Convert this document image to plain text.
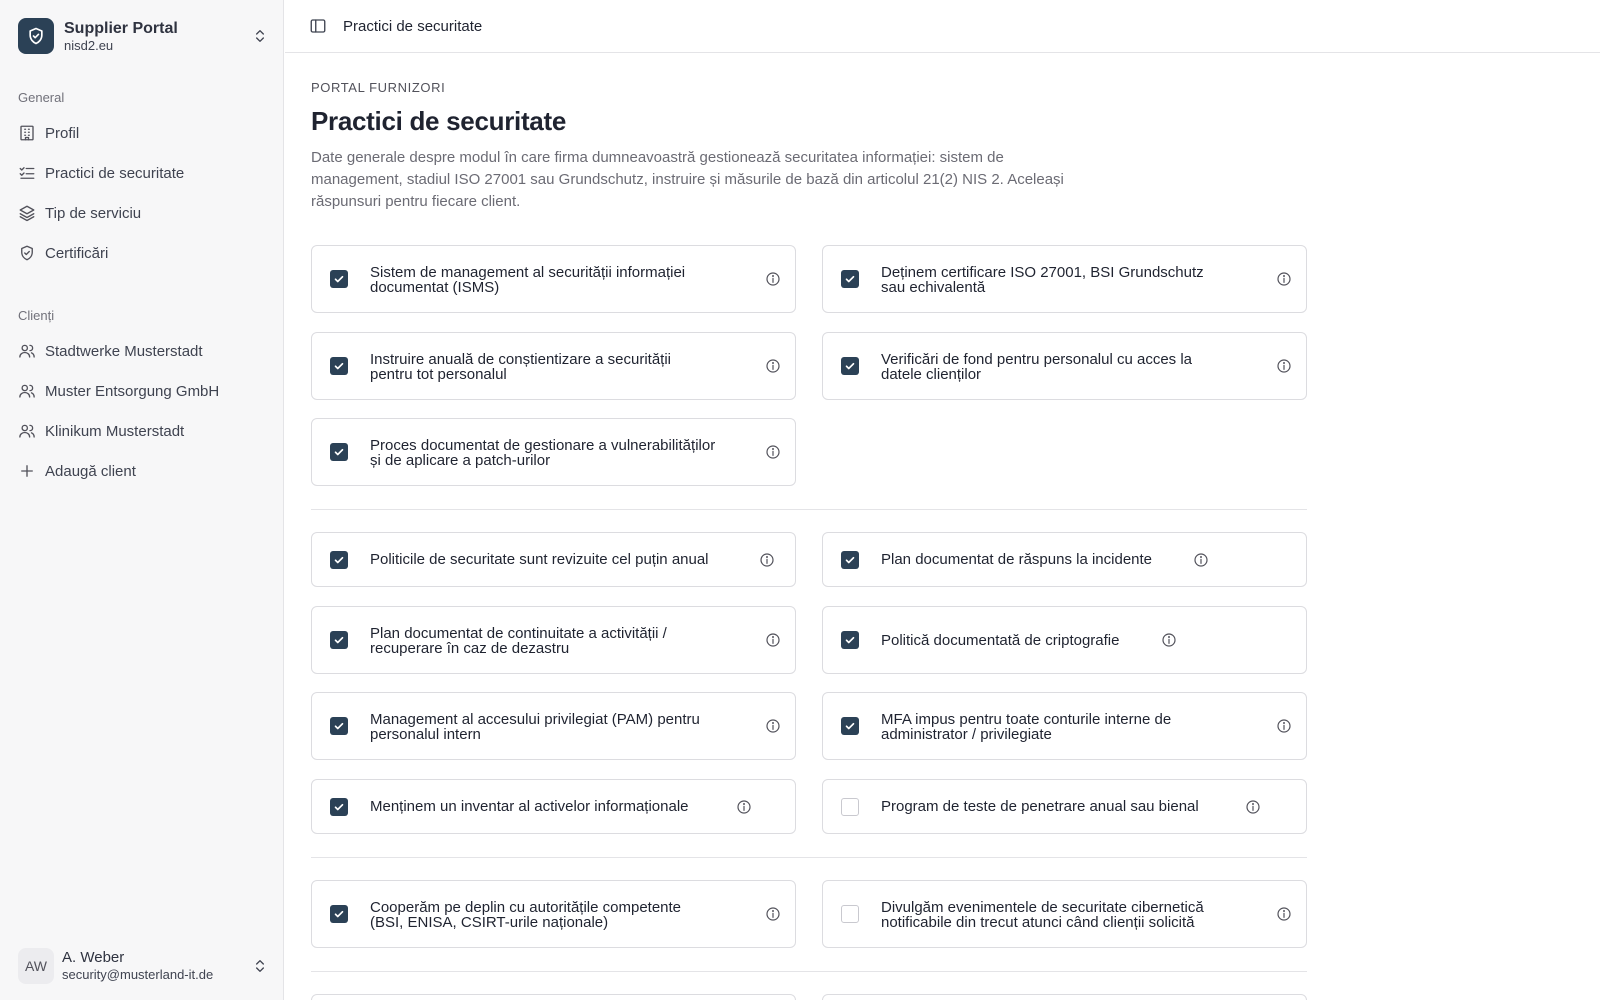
Supplier Portal
nisd2.eu
General
Profil
Practici de securitate
Tip de serviciu
Certificări
Clienți
Stadtwerke Musterstadt
Muster Entsorgung GmbH
Klinikum Musterstadt
Adaugă client
AW A. Weber
security@musterland-it.de
Practici de securitate
PORTAL FURNIZORI
Practici de securitate

Date generale despre modul în care firma dumneavoastră gestionează securitatea informației: sistem de management, stadiul ISO 27001 sau Grundschutz, instruire și măsurile de bază din articolul 21(2) NIS 2. Aceleași răspunsuri pentru fiecare client.

Sistem de management al securității informației
documentat (ISMS)
Deținem certificare ISO 27001, BSI Grundschutz
sau echivalentă
Instruire anuală de conștientizare a securității
pentru tot personalul
Verificări de fond pentru personalul cu acces la
datele clienților
Proces documentat de gestionare a vulnerabilităților
și de aplicare a patch-urilor
Politicile de securitate sunt revizuite cel puțin anual	Plan documentat de răspuns la incidente
Plan documentat de continuitate a activității /
recuperare în caz de dezastru	Politică documentată de criptografie
Management al accesului privilegiat (PAM) pentru
personalul intern
MFA impus pentru toate conturile interne de
administrator / privilegiate
Menținem un inventar al activelor informaționale	Program de teste de penetrare anual sau bienal
Cooperăm pe deplin cu autoritățile competente
(BSI, ENISA, CSIRT-urile naționale)
Divulgăm evenimentele de securitate cibernetică
notificabile din trecut atunci când clienții solicită
